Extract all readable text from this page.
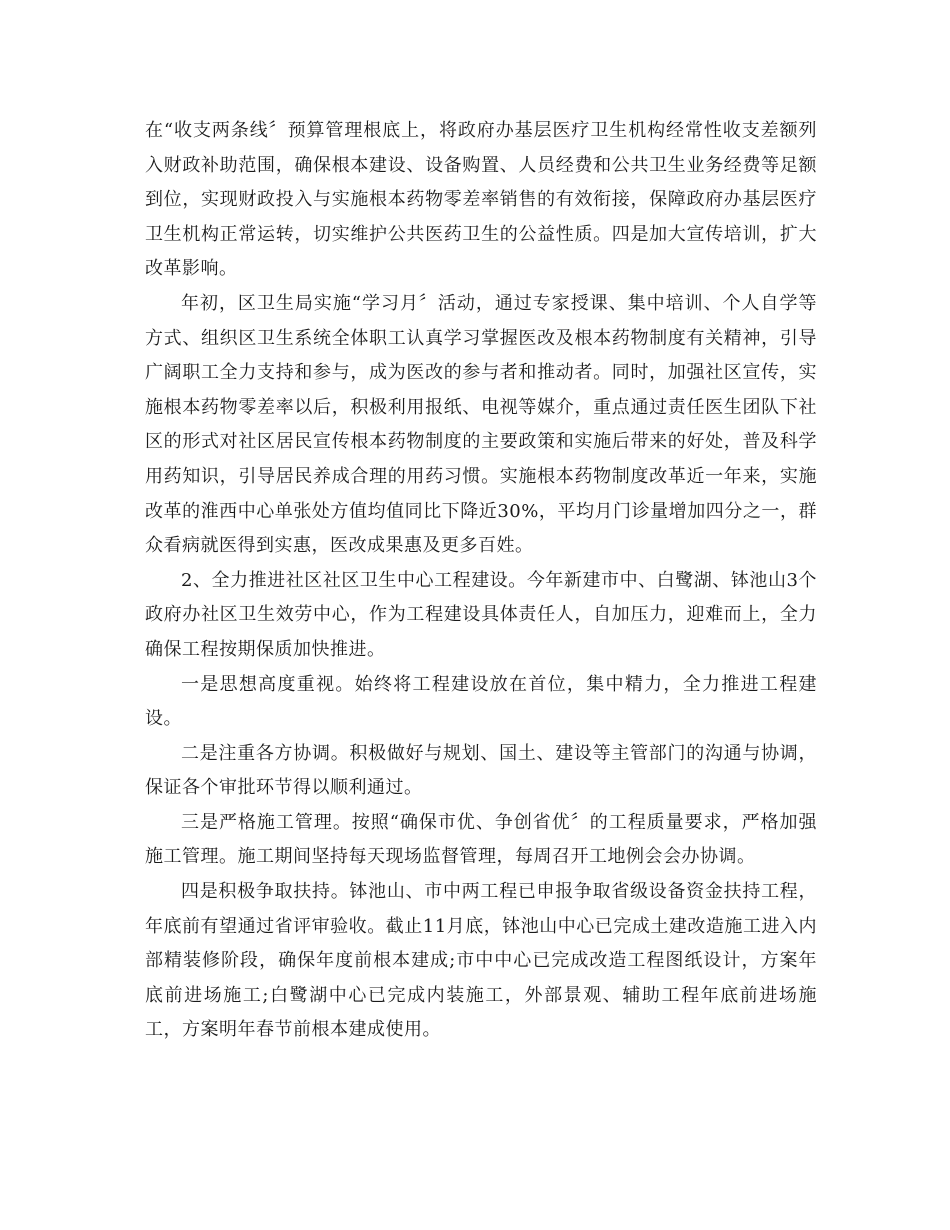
在“收支两条线〞预算管理根底上，将政府办基层医疗卫生机构经常性收支差额列入财政补助范围，确保根本建设、设备购置、人员经费和公共卫生业务经费等足额到位，实现财政投入与实施根本药物零差率销售的有效衔接，保障政府办基层医疗卫生机构正常运转，切实维护公共医药卫生的公益性质。四是加大宣传培训，扩大改革影响。

年初，区卫生局实施“学习月〞活动，通过专家授课、集中培训、个人自学等方式、组织区卫生系统全体职工认真学习掌握医改及根本药物制度有关精神，引导广阔职工全力支持和参与，成为医改的参与者和推动者。同时，加强社区宣传，实施根本药物零差率以后，积极利用报纸、电视等媒介，重点通过责任医生团队下社区的形式对社区居民宣传根本药物制度的主要政策和实施后带来的好处，普及科学用药知识，引导居民养成合理的用药习惯。实施根本药物制度改革近一年来，实施改革的淮西中心单张处方值均值同比下降近30%，平均月门诊量增加四分之一，群众看病就医得到实惠，医改成果惠及更多百姓。

2、全力推进社区社区卫生中心工程建设。今年新建市中、白鹭湖、钵池山3个政府办社区卫生效劳中心，作为工程建设具体责任人，自加压力，迎难而上，全力确保工程按期保质加快推进。

一是思想高度重视。始终将工程建设放在首位，集中精力，全力推进工程建设。

二是注重各方协调。积极做好与规划、国土、建设等主管部门的沟通与协调，保证各个审批环节得以顺利通过。

三是严格施工管理。按照“确保市优、争创省优〞的工程质量要求，严格加强施工管理。施工期间坚持每天现场监督管理，每周召开工地例会会办协调。

四是积极争取扶持。钵池山、市中两工程已申报争取省级设备资金扶持工程，年底前有望通过省评审验收。截止11月底，钵池山中心已完成土建改造施工进入内部精装修阶段，确保年度前根本建成;市中中心已完成改造工程图纸设计，方案年底前进场施工;白鹭湖中心已完成内装施工，外部景观、辅助工程年底前进场施工，方案明年春节前根本建成使用。
